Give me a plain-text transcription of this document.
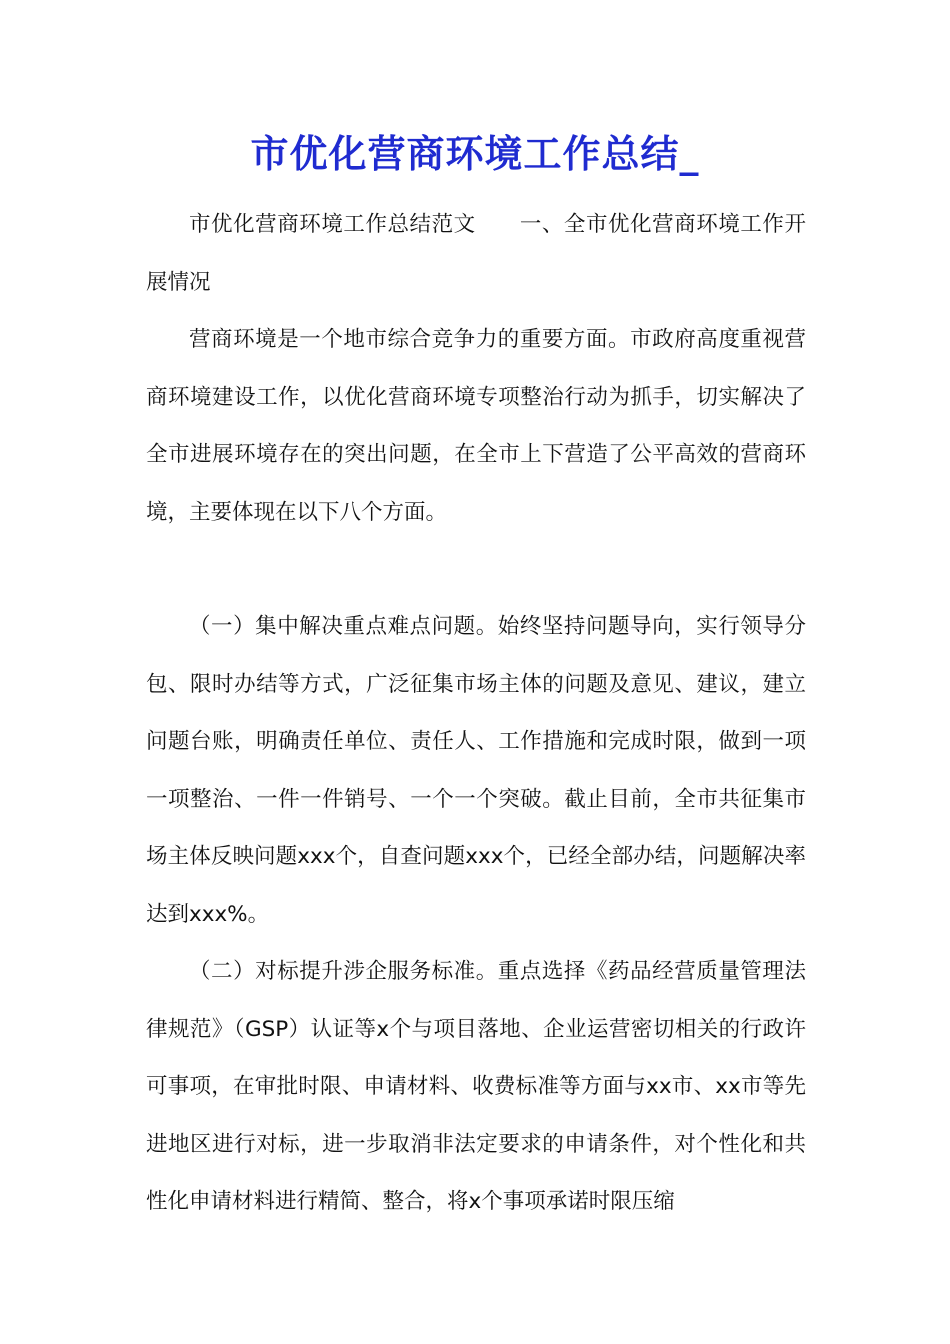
市优化营商环境工作总结_

市优化营商环境工作总结范文　　一、全市优化营商环境工作开展情况

营商环境是一个地市综合竞争力的重要方面。市政府高度重视营商环境建设工作，以优化营商环境专项整治行动为抓手，切实解决了全市进展环境存在的突出问题，在全市上下营造了公平高效的营商环境，主要体现在以下八个方面。

（一）集中解决重点难点问题。始终坚持问题导向，实行领导分包、限时办结等方式，广泛征集市场主体的问题及意见、建议，建立问题台账，明确责任单位、责任人、工作措施和完成时限，做到一项一项整治、一件一件销号、一个一个突破。截止目前，全市共征集市场主体反映问题xxx个，自查问题xxx个，已经全部办结，问题解决率达到xxx%。

（二）对标提升涉企服务标准。重点选择《药品经营质量管理法律规范》（GSP）认证等x个与项目落地、企业运营密切相关的行政许可事项，在审批时限、申请材料、收费标准等方面与xx市、xx市等先进地区进行对标，进一步取消非法定要求的申请条件，对个性化和共性化申请材料进行精简、整合，将x个事项承诺时限压缩
